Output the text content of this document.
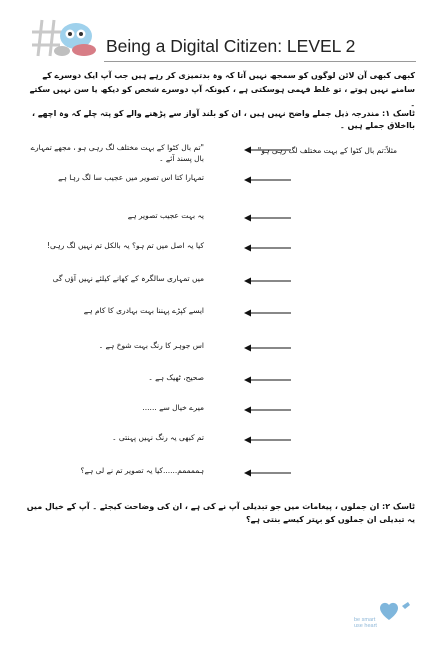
Being a Digital Citizen: LEVEL 2
کبھی کبھی آن لائن لوگوں کو سمجھ نہیں آتا کہ وہ بدتمیزی کر رہے ہیں جب آپ ایک دوسرے کے سامنے نہیں ہوتے ، تو غلط فہمی ہوسکتی ہے ، کیونکہ آپ دوسرے شخص کو دیکھ یا سن نہیں سکتے ۔
ٹاسک ۱: مندرجہ ذیل جملے واضح نہیں ہیں ، ان کو بلند آواز سے پڑھنے والے کو پتہ چلے کہ وہ اچھے ، بااخلاق جملے ہیں ۔
مثلاً:تم بال کٹوا کے بہت مختلف لگ رہی ہو"
"تم بال کٹوا کے بہت مختلف لگ رہی ہو ، مجھے تمہارے بال پسند آئے ۔
تمہارا کتا اس تصویر میں عجیب سا لگ رہا ہے
یہ بہت عجیب تصویر ہے
کیا یہ اصل میں تم ہو؟ یہ بالکل تم نہیں لگ رہی!
میں تمہاری سالگرہ کے کھانے کیلئے نہیں آؤں گی
ایسے کپڑے پہننا بہت بہادری کا کام ہے
اس جوہر کا رنگ بہت شوخ ہے ۔
صحیح، ٹھیک ہے ۔
میرے خیال سے ......
تم کبھی یہ رنگ نہیں پہنتی ۔
ہممممم......کیا یہ تصویر تم نے لی ہے؟
ٹاسک ۲: ان جملوں ، پیغامات میں جو تبدیلی آپ نے کی ہے ، ان کی وضاحت کیجئے ۔ آپ کے خیال میں یہ تبدیلی ان جملوں کو بہتر کیسے بنتی ہے؟
be smart
use heart
